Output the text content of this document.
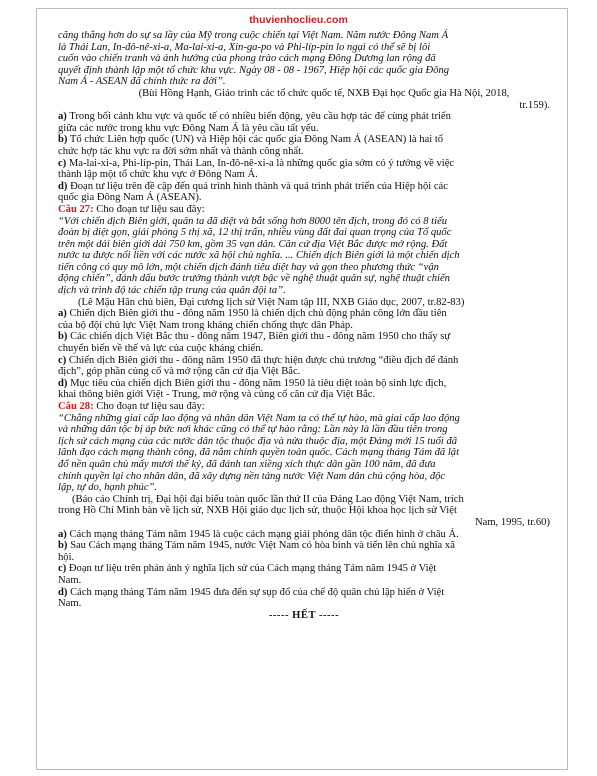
thuvienhoclieu.com

căng thẳng hơn do sự sa lầy của Mỹ trong cuộc chiến tại Việt Nam. Năm nước Đông Nam Á

là Thái Lan, In-đô-nê-xi-a, Ma-lai-xi-a, Xin-ga-po và Phi-líp-pin lo ngại có thể sẽ bị lôi

cuốn vào chiến tranh và ảnh hưởng của phong trào cách mạng Đông Dương lan rộng đã

quyết định thành lập một tổ chức khu vực. Ngày 08 - 08 - 1967, Hiệp hội các quốc gia Đông

Nam Á - ASEAN đã chính thức ra đời”.

(Bùi Hồng Hạnh, Giáo trình các tổ chức quốc tế, NXB Đại học Quốc gia Hà Nội, 2018,

tr.159).

a) Trong bối cảnh khu vực và quốc tế có nhiều biến động, yêu cầu hợp tác để cùng phát triển

giữa các nước trong khu vực Đông Nam Á là yêu cầu tất yếu.

b) Tổ chức Liên hợp quốc (UN) và Hiệp hội các quốc gia Đông Nam Á (ASEAN) là hai tổ

chức hợp tác khu vực ra đời sớm nhất và thành công nhất.

c) Ma-lai-xi-a, Phi-líp-pin, Thái Lan, In-đô-nê-xi-a là những quốc gia sớm có ý tưởng về việc

thành lập một tổ chức khu vực ở Đông Nam Á.

d) Đoạn tư liệu trên đề cập đến quá trình hình thành và quá trình phát triển của Hiệp hội các

quốc gia Đông Nam Á (ASEAN).

Câu 27: Cho đoạn tư liệu sau đây:

“Với chiến dịch Biên giới, quân ta đã diệt và bắt sống hơn 8000 tên địch, trong đó có 8 tiểu

đoàn bị diệt gọn, giải phóng 5 thị xã, 12 thị trấn, nhiều vùng đất đai quan trọng của Tổ quốc

trên một dải biên giới dài 750 km, gồm 35 vạn dân. Căn cứ địa Việt Bắc được mở rộng. Đất

nước ta được nối liền với các nước xã hội chủ nghĩa. ... Chiến dịch Biên giới là một chiến dịch

tiến công có quy mô lớn, một chiến dịch đánh tiêu diệt hay và gọn theo phương thức “vận

động chiến”, đánh dấu bước trưởng thành vượt bậc về nghệ thuật quân sự, nghệ thuật chiến

dịch và trình độ tác chiến tập trung của quân đội ta”.

(Lê Mậu Hãn chủ biên, Đại cương lịch sử Việt Nam tập III, NXB Giáo dục, 2007, tr.82-83)

a) Chiến dịch Biên giới thu - đông năm 1950 là chiến dịch chủ động phản công lớn đầu tiên

của bộ đội chủ lực Việt Nam trong kháng chiến chống thực dân Pháp.

b) Các chiến dịch Việt Bắc thu - đông năm 1947, Biên giới thu - đông năm 1950 cho thấy sự

chuyển biến về thế và lực của cuộc kháng chiến.

c) Chiến dịch Biên giới thu - đông năm 1950 đã thực hiện được chủ trương “điều địch để đánh

địch”, góp phần củng cố và mở rộng căn cứ địa Việt Bắc.

d) Mục tiêu của chiến dịch Biên giới thu - đông năm 1950 là tiêu diệt toàn bộ sinh lực địch,

khai thông biên giới Việt - Trung, mở rộng và củng cố căn cứ địa Việt Bắc.

Câu 28: Cho đoạn tư liệu sau đây:

“Chẳng những giai cấp lao động và nhân dân Việt Nam ta có thể tự hào, mà giai cấp lao động

và những dân tộc bị áp bức nơi khác cũng có thể tự hào rằng: Lần này là lần đầu tiên trong

lịch sử cách mạng của các nước dân tộc thuộc địa và nửa thuộc địa, một Đảng mới 15 tuổi đã

lãnh đạo cách mạng thành công, đã nắm chính quyền toàn quốc. Cách mạng tháng Tám đã lật

đổ nền quân chủ mấy mươi thế kỷ, đã đánh tan xiềng xích thực dân gần 100 năm, đã đưa

chính quyền lại cho nhân dân, đã xây dựng nền tảng nước Việt Nam dân chủ cộng hòa, độc

lập, tự do, hạnh phúc”.

(Báo cáo Chính trị, Đại hội đại biểu toàn quốc lần thứ II của Đảng Lao động Việt Nam, trích

trong Hồ Chí Minh bàn về lịch sử, NXB Hội giáo dục lịch sử, thuộc Hội khoa học lịch sử Việt

Nam, 1995, tr.60)

a) Cách mạng tháng Tám năm 1945 là cuộc cách mạng giải phóng dân tộc điển hình ở châu Á.

b) Sau Cách mạng tháng Tám năm 1945, nước Việt Nam có hòa bình và tiến lên chủ nghĩa xã

hội.

c) Đoạn tư liệu trên phản ánh ý nghĩa lịch sử của Cách mạng tháng Tám năm 1945 ở Việt

Nam.

d) Cách mạng tháng Tám năm 1945 đưa đến sự sụp đổ của chế độ quân chủ lập hiến ở Việt

Nam.

----- HẾT -----
